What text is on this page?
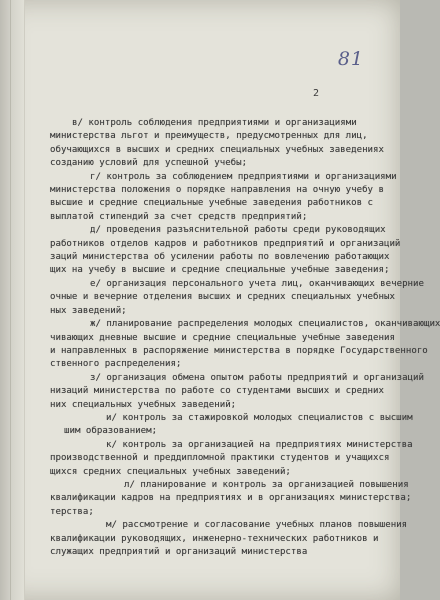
81
2

в/ контроль соблюдения предприятиями и организациями

министерства льгот и преимуществ, предусмотренных для лиц,

обучающихся в высших и средних специальных учебных заведениях

созданию условий для успешной учебы;

г/ контроль за соблюдением предприятиями и организациями

министерства положения о порядке направления на очную учебу в

высшие и средние специальные учебные заведения работников с

выплатой стипендий за счет средств предприятий;

д/ проведения разъяснительной работы среди руководящих

работников отделов кадров и работников предприятий и организаций

заций министерства об усилении работы по вовлечению работающих

щих на учебу в высшие и средние специальные учебные заведения;

е/ организация персонального учета лиц, оканчивающих вечерние

очные и вечерние отделения высших и средних специальных учебных

ных заведений;

ж/ планирование распределения молодых специалистов, оканчивающих

чивающих дневные высшие и средние специальные учебные заведения

и направленных в распоряжение министерства в порядке Государственного

ственного распределения;

з/ организация обмена опытом работы предприятий и организаций

низаций министерства по работе со студентами высших и средних

них специальных учебных заведений;

и/ контроль за стажировкой молодых специалистов с высшим

шим образованием;

к/ контроль за организацией на предприятиях министерства

производственной и преддипломной практики студентов и учащихся

щихся средних специальных учебных заведений;

л/ планирование и контроль за организацией повышения

квалификации кадров на предприятиях и в организациях министерства;

терства;

м/ рассмотрение и согласование учебных планов повышения

квалификации руководящих, инженерно-технических работников и

служащих предприятий и организаций министерства
